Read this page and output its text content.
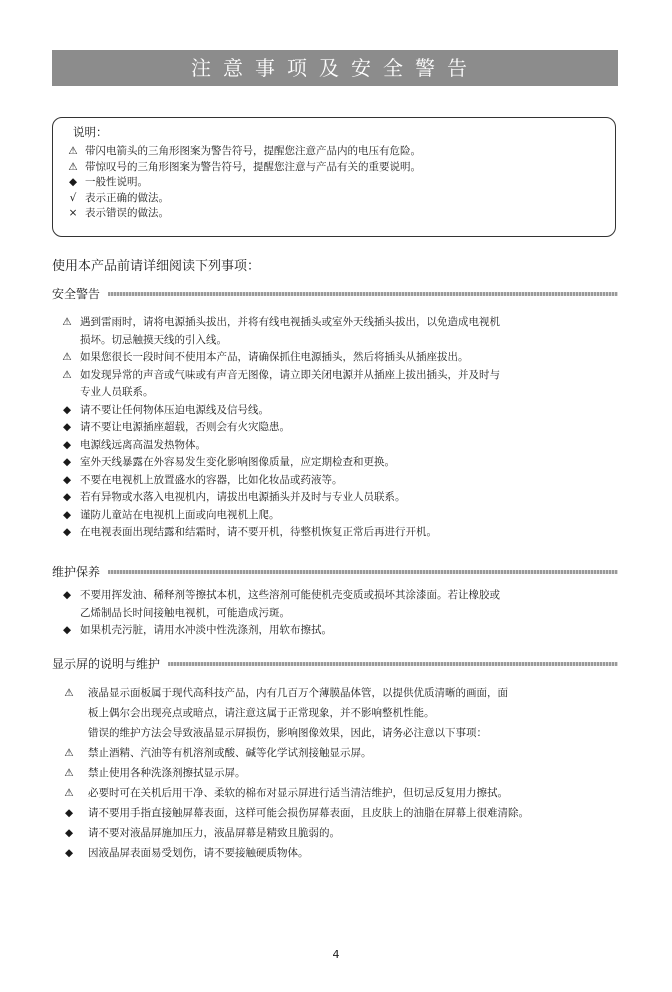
注意事项及安全警告
说明：
⚠ 带闪电箭头的三角形图案为警告符号，提醒您注意产品内的电压有危险。
⚠ 带惊叹号的三角形图案为警告符号，提醒您注意与产品有关的重要说明。
◆ 一般性说明。
√ 表示正确的做法。
× 表示错误的做法。
使用本产品前请详细阅读下列事项：
安全警告
⚠ 遇到雷雨时，请将电源插头拔出，并将有线电视插头或室外天线插头拔出，以免造成电视机
损坏。切忌触摸天线的引入线。
⚠ 如果您很长一段时间不使用本产品，请确保抓住电源插头，然后将插头从插座拔出。
⚠ 如发现异常的声音或气味或有声音无图像，请立即关闭电源并从插座上拔出插头，并及时与
专业人员联系。
◆ 请不要让任何物体压迫电源线及信号线。
◆ 请不要让电源插座超载，否则会有火灾隐患。
◆ 电源线远离高温发热物体。
◆ 室外天线暴露在外容易发生变化影响图像质量，应定期检查和更换。
◆ 不要在电视机上放置盛水的容器，比如化妆品或药液等。
◆ 若有异物或水落入电视机内，请拔出电源插头并及时与专业人员联系。
◆ 谨防儿童站在电视机上面或向电视机上爬。
◆ 在电视表面出现结露和结霜时，请不要开机，待整机恢复正常后再进行开机。
维护保养
◆ 不要用挥发油、稀释剂等擦拭本机，这些溶剂可能使机壳变质或损坏其涂漆面。若让橡胶或
乙烯制品长时间接触电视机，可能造成污斑。
◆ 如果机壳污脏，请用水冲淡中性洗涤剂，用软布擦拭。
显示屏的说明与维护
⚠ 液晶显示面板属于现代高科技产品，内有几百万个薄膜晶体管，以提供优质清晰的画面，面
板上偶尔会出现亮点或暗点，请注意这属于正常现象，并不影响整机性能。
错误的维护方法会导致液晶显示屏损伤，影响图像效果，因此，请务必注意以下事项：
⚠ 禁止酒精、汽油等有机溶剂或酸、碱等化学试剂接触显示屏。
⚠ 禁止使用各种洗涤剂擦拭显示屏。
⚠ 必要时可在关机后用干净、柔软的棉布对显示屏进行适当清洁维护，但切忌反复用力擦拭。
◆ 请不要用手指直接触屏幕表面，这样可能会损伤屏幕表面，且皮肤上的油脂在屏幕上很难清除。
◆ 请不要对液晶屏施加压力，液晶屏幕是精致且脆弱的。
◆ 因液晶屏表面易受划伤，请不要接触硬质物体。
4
